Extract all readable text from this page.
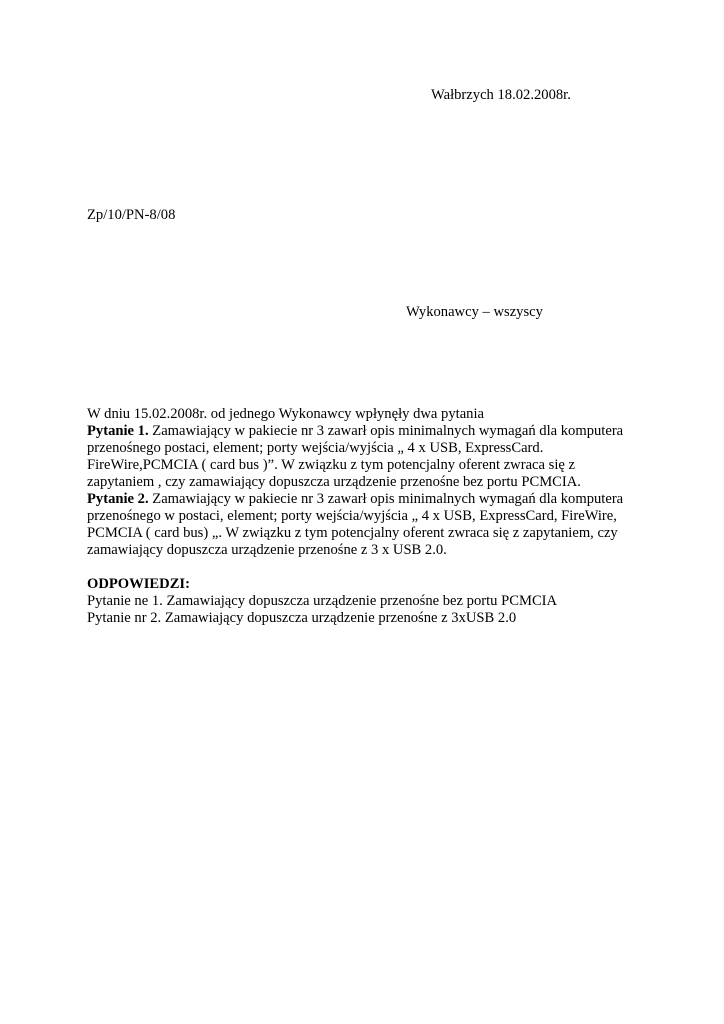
Wałbrzych 18.02.2008r.
Zp/10/PN-8/08
Wykonawcy – wszyscy
W dniu 15.02.2008r. od jednego Wykonawcy wpłynęły dwa pytania
Pytanie 1. Zamawiający w pakiecie nr 3 zawarł opis minimalnych wymagań dla komputera
przenośnego postaci, element; porty wejścia/wyjścia „ 4 x USB, ExpressCard.
FireWire,PCMCIA ( card bus )”. W związku z tym potencjalny oferent zwraca się z
zapytaniem , czy zamawiający dopuszcza urządzenie przenośne bez portu PCMCIA.
Pytanie 2. Zamawiający w pakiecie nr 3 zawarł opis minimalnych wymagań dla komputera
przenośnego w postaci, element; porty wejścia/wyjścia „ 4 x USB, ExpressCard, FireWire,
PCMCIA ( card bus) „. W związku z tym potencjalny oferent zwraca się z zapytaniem, czy
zamawiający dopuszcza urządzenie przenośne z 3 x USB 2.0.
ODPOWIEDZI:
Pytanie ne 1. Zamawiający dopuszcza urządzenie przenośne bez portu PCMCIA
Pytanie nr 2. Zamawiający dopuszcza urządzenie przenośne z 3xUSB 2.0
